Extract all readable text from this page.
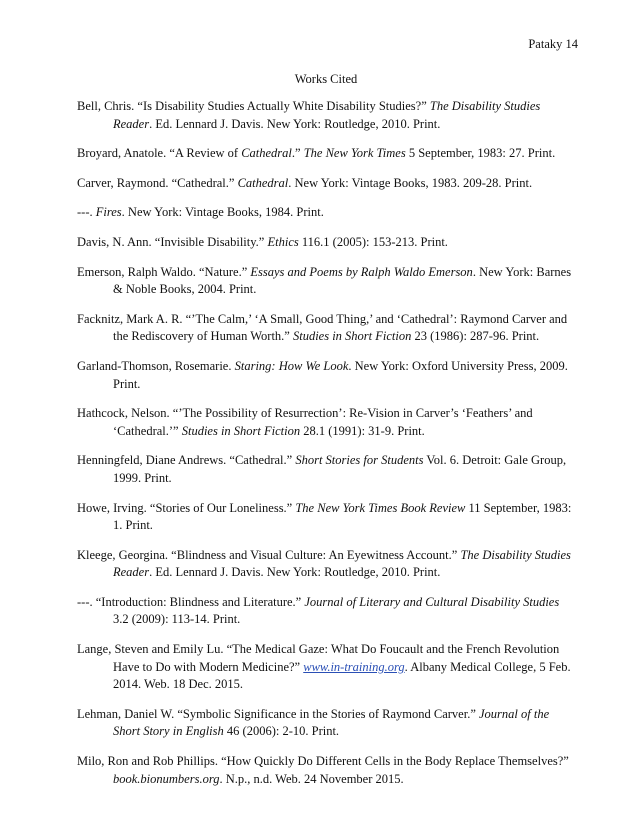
Pataky 14
Works Cited
Bell, Chris. “Is Disability Studies Actually White Disability Studies?” The Disability Studies Reader. Ed. Lennard J. Davis. New York: Routledge, 2010. Print.
Broyard, Anatole. “A Review of Cathedral.” The New York Times 5 September, 1983: 27. Print.
Carver, Raymond. “Cathedral.” Cathedral. New York: Vintage Books, 1983. 209-28. Print.
---. Fires. New York: Vintage Books, 1984. Print.
Davis, N. Ann. “Invisible Disability.” Ethics 116.1 (2005): 153-213. Print.
Emerson, Ralph Waldo. “Nature.” Essays and Poems by Ralph Waldo Emerson. New York: Barnes & Noble Books, 2004. Print.
Facknitz, Mark A. R. “’The Calm,’ ‘A Small, Good Thing,’ and ‘Cathedral’: Raymond Carver and the Rediscovery of Human Worth.” Studies in Short Fiction 23 (1986): 287-96. Print.
Garland-Thomson, Rosemarie. Staring: How We Look. New York: Oxford University Press, 2009. Print.
Hathcock, Nelson. “’The Possibility of Resurrection’: Re-Vision in Carver’s ‘Feathers’ and ‘Cathedral.’” Studies in Short Fiction 28.1 (1991): 31-9. Print.
Henningfeld, Diane Andrews. “Cathedral.” Short Stories for Students Vol. 6. Detroit: Gale Group, 1999. Print.
Howe, Irving. “Stories of Our Loneliness.” The New York Times Book Review 11 September, 1983: 1. Print.
Kleege, Georgina. “Blindness and Visual Culture: An Eyewitness Account.” The Disability Studies Reader. Ed. Lennard J. Davis. New York: Routledge, 2010. Print.
---. “Introduction: Blindness and Literature.” Journal of Literary and Cultural Disability Studies 3.2 (2009): 113-14. Print.
Lange, Steven and Emily Lu. “The Medical Gaze: What Do Foucault and the French Revolution Have to Do with Modern Medicine?” www.in-training.org. Albany Medical College, 5 Feb. 2014. Web. 18 Dec. 2015.
Lehman, Daniel W. “Symbolic Significance in the Stories of Raymond Carver.” Journal of the Short Story in English 46 (2006): 2-10. Print.
Milo, Ron and Rob Phillips. “How Quickly Do Different Cells in the Body Replace Themselves?” book.bionumbers.org. N.p., n.d. Web. 24 November 2015.
